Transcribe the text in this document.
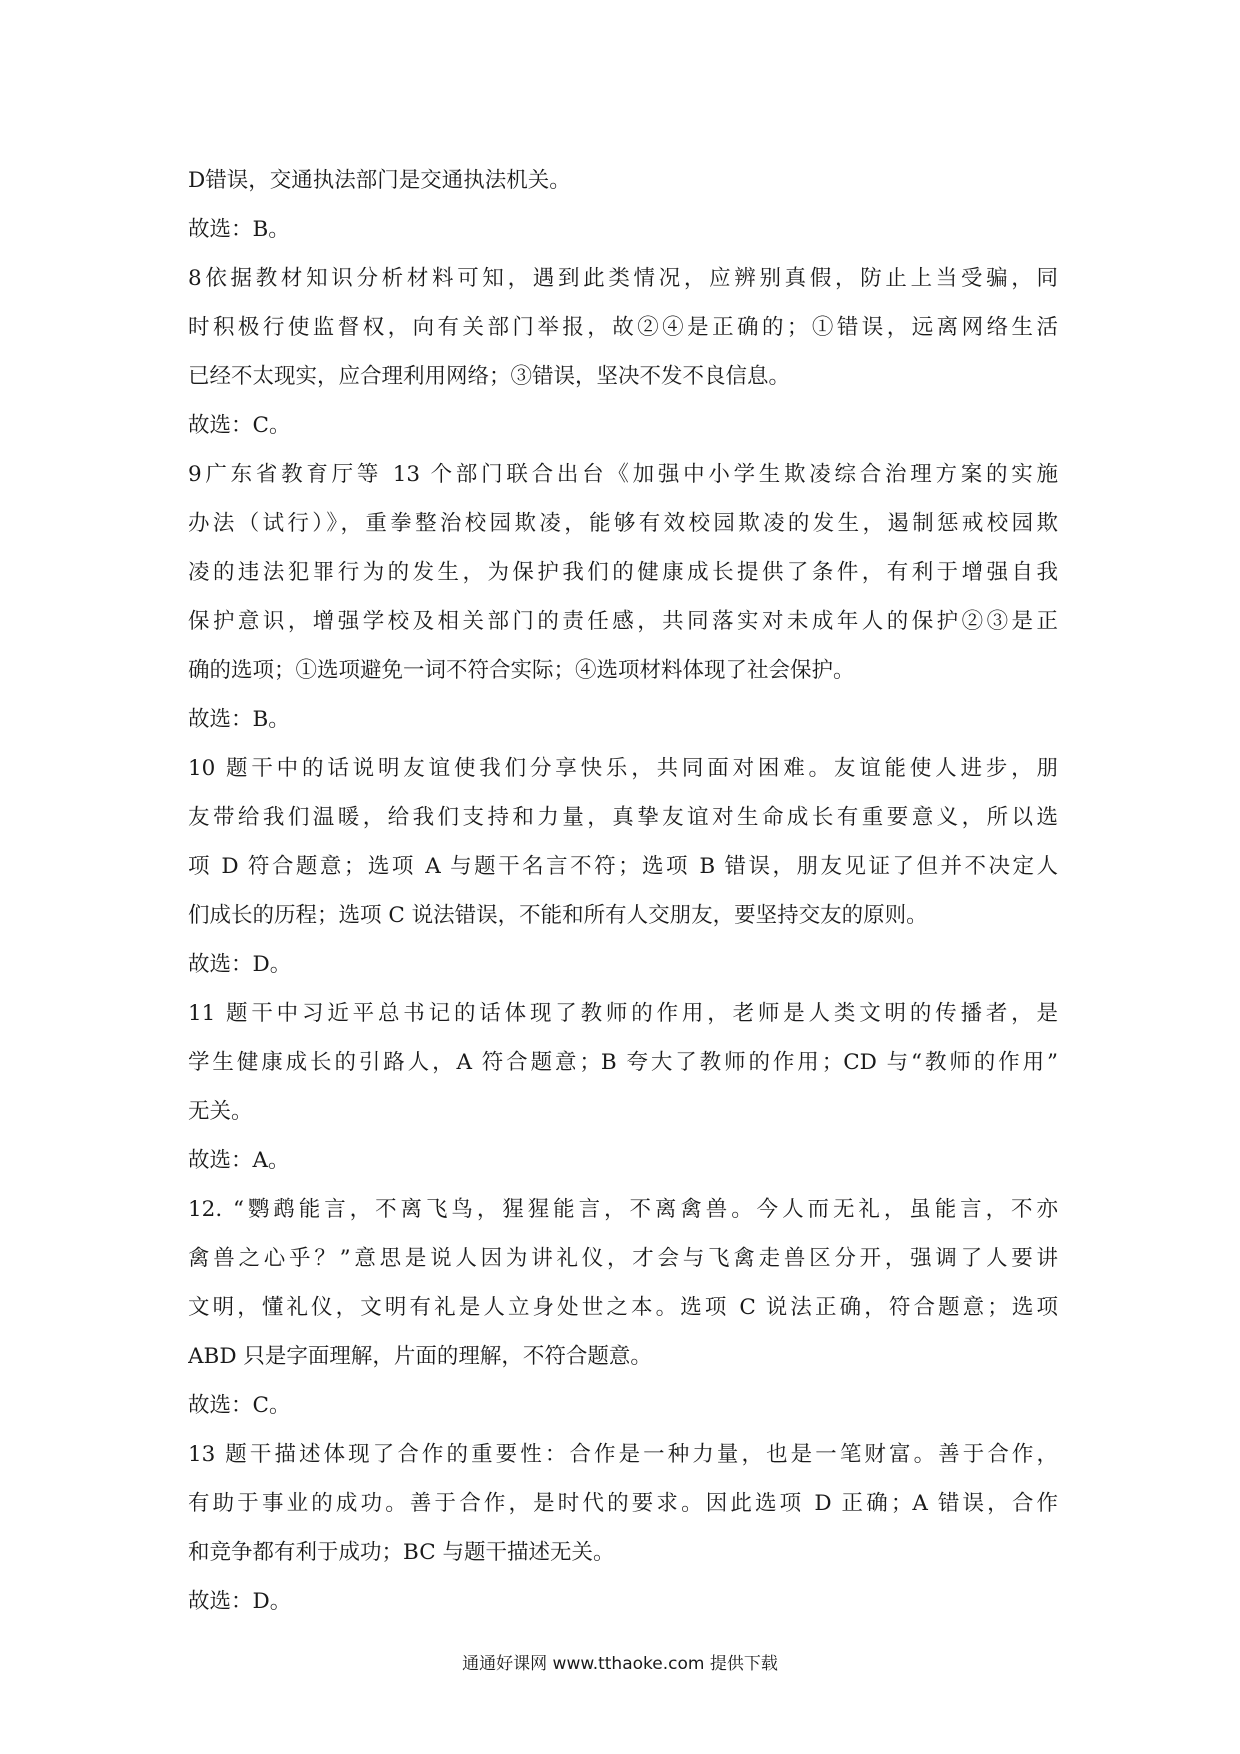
D错误，交通执法部门是交通执法机关。
故选：B。
8依据教材知识分析材料可知，遇到此类情况，应辨别真假，防止上当受骗，同
时积极行使监督权，向有关部门举报，故②④是正确的；①错误，远离网络生活
已经不太现实，应合理利用网络；③错误，坚决不发不良信息。
故选：C。
9广东省教育厅等 13 个部门联合出台《加强中小学生欺凌综合治理方案的实施
办法（试行）》，重拳整治校园欺凌，能够有效校园欺凌的发生，遏制惩戒校园欺
凌的违法犯罪行为的发生，为保护我们的健康成长提供了条件，有利于增强自我
保护意识，增强学校及相关部门的责任感，共同落实对未成年人的保护②③是正
确的选项；①选项避免一词不符合实际；④选项材料体现了社会保护。
故选：B。
10 题干中的话说明友谊使我们分享快乐，共同面对困难。友谊能使人进步，朋
友带给我们温暖，给我们支持和力量，真挚友谊对生命成长有重要意义，所以选
项 D 符合题意；选项 A 与题干名言不符；选项 B 错误，朋友见证了但并不决定人
们成长的历程；选项 C 说法错误，不能和所有人交朋友，要坚持交友的原则。
故选：D。
11 题干中习近平总书记的话体现了教师的作用，老师是人类文明的传播者，是
学生健康成长的引路人，A 符合题意；B 夸大了教师的作用；CD 与“教师的作用”
无关。
故选：A。
12. “鹦鹉能言，不离飞鸟，猩猩能言，不离禽兽。今人而无礼，虽能言，不亦
禽兽之心乎？”意思是说人因为讲礼仪，才会与飞禽走兽区分开，强调了人要讲
文明，懂礼仪，文明有礼是人立身处世之本。选项 C 说法正确，符合题意；选项
ABD 只是字面理解，片面的理解，不符合题意。
故选：C。
13 题干描述体现了合作的重要性：合作是一种力量，也是一笔财富。善于合作，
有助于事业的成功。善于合作，是时代的要求。因此选项 D 正确；A 错误，合作
和竞争都有利于成功；BC 与题干描述无关。
故选：D。
通通好课网 www.tthaoke.com 提供下载
